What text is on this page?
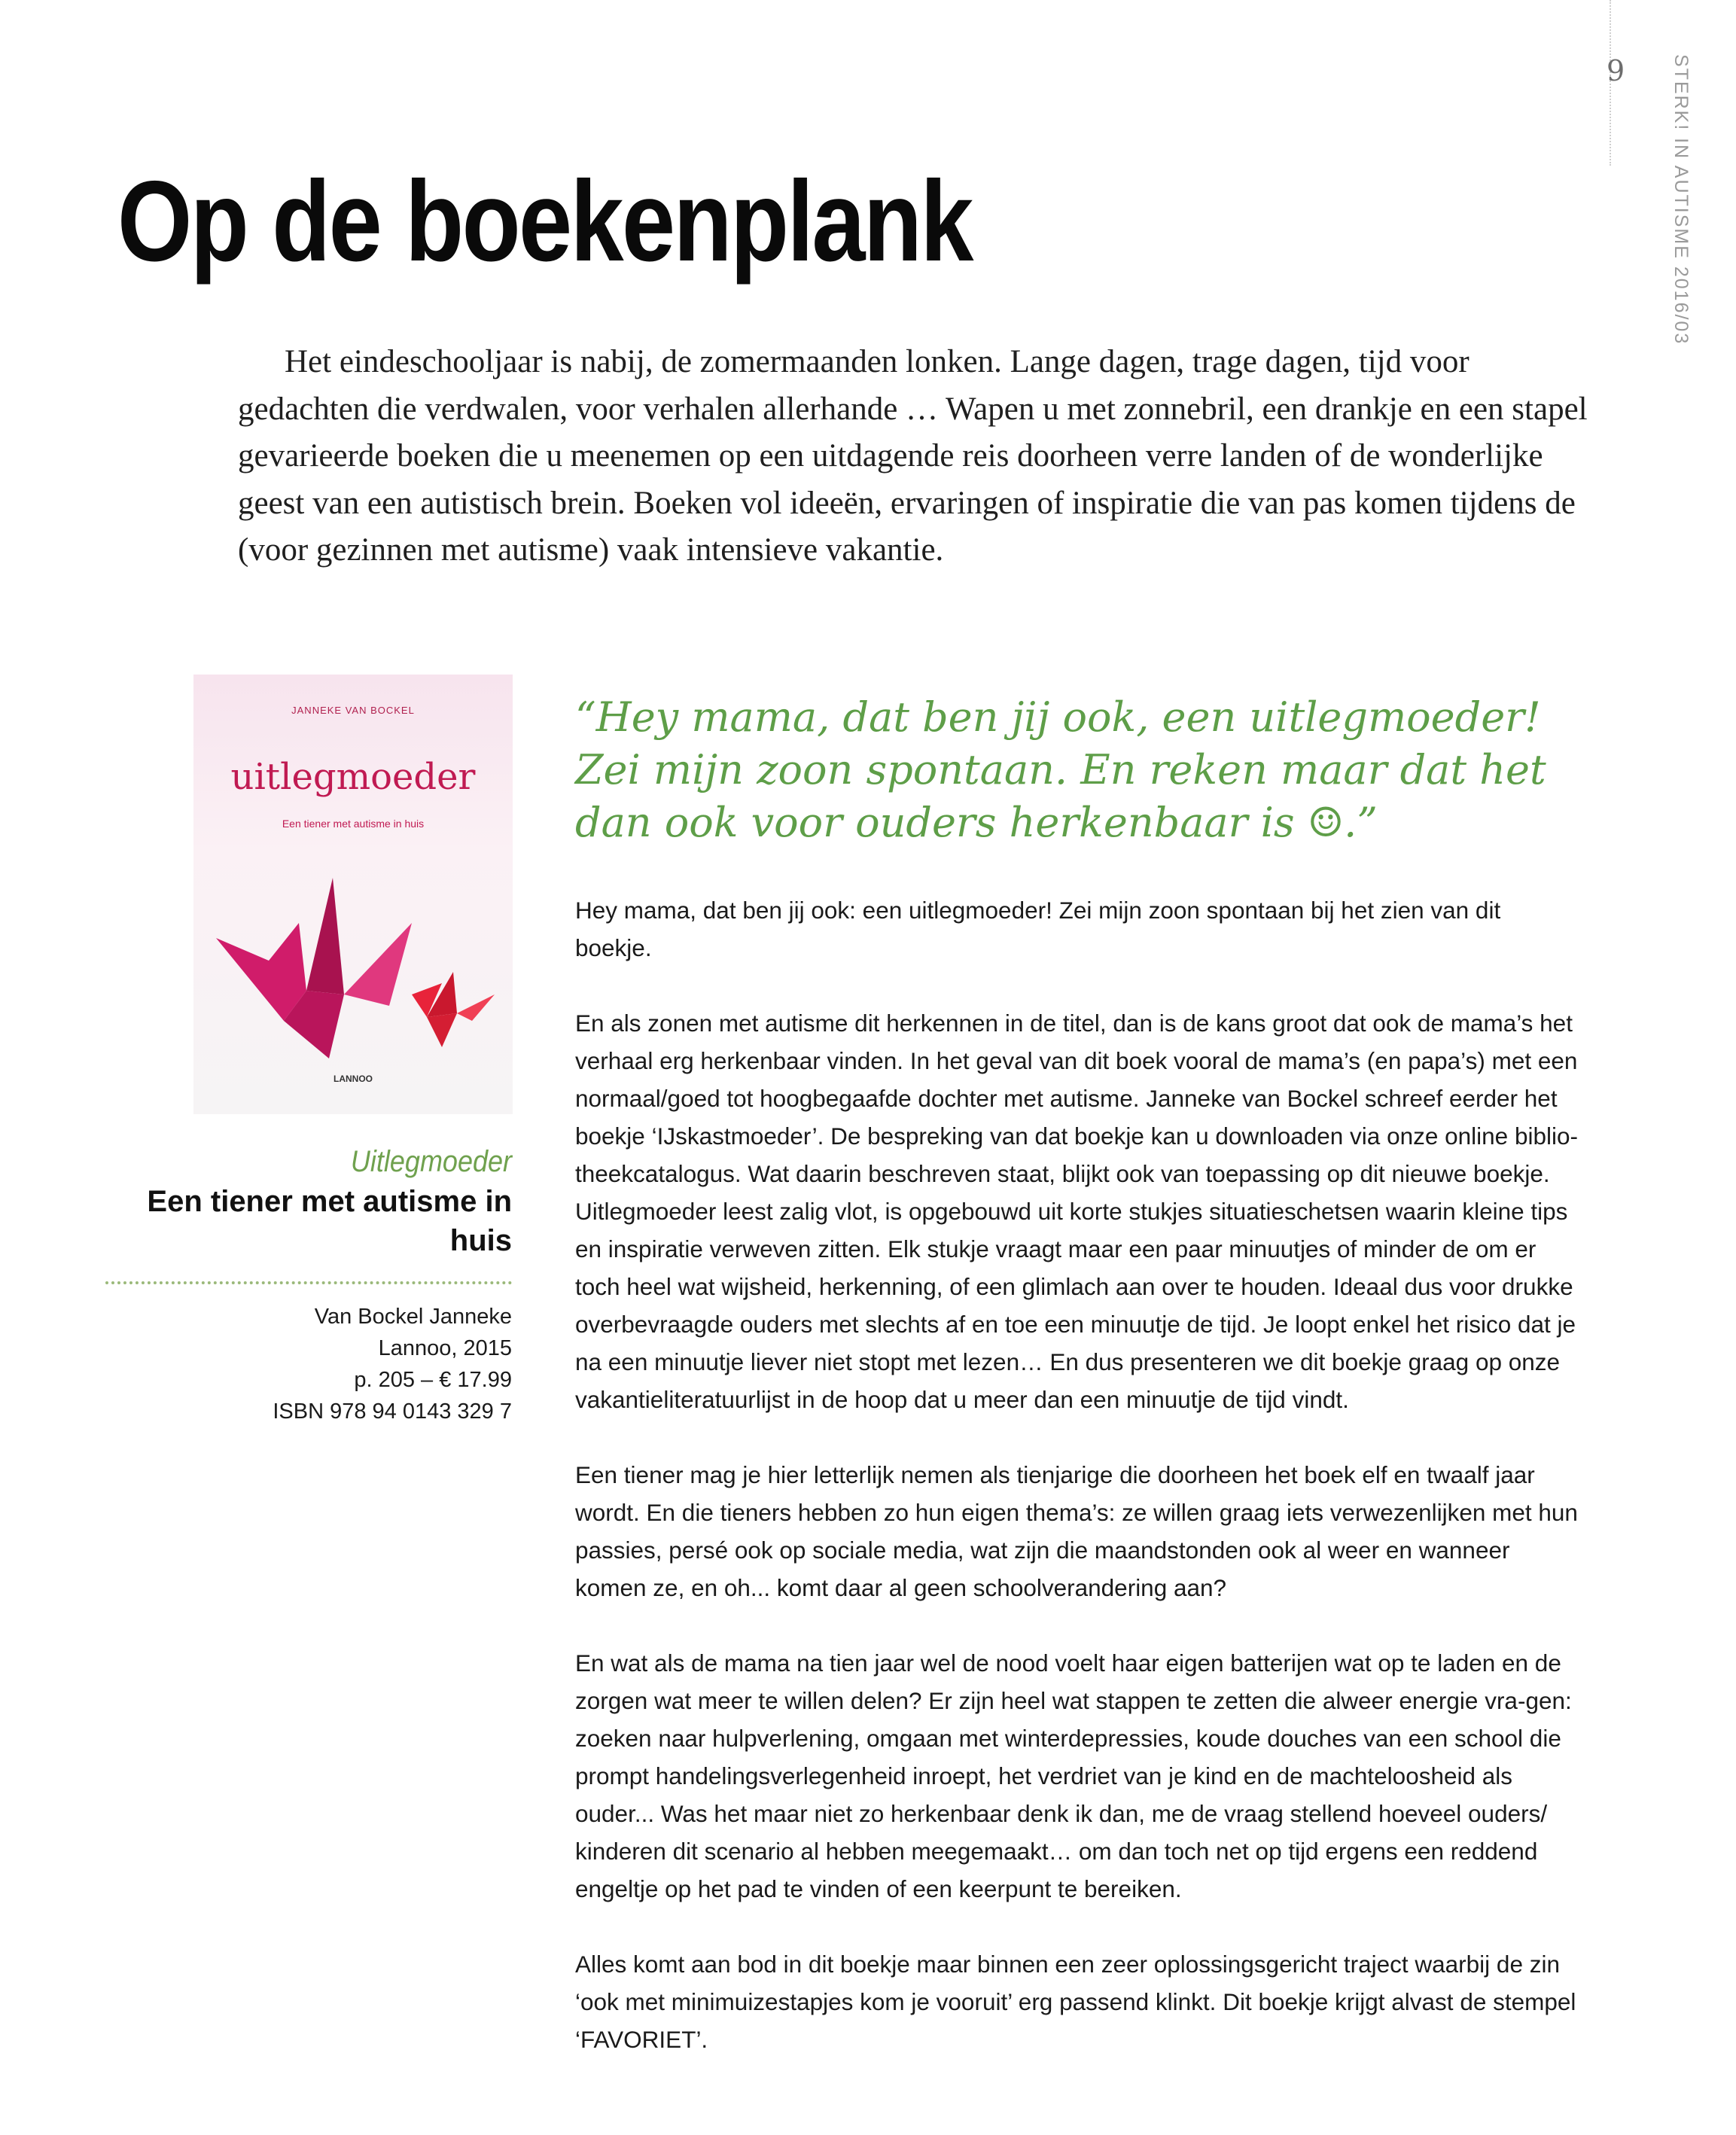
9 STERK! IN AUTISME 2016/03
Op de boekenplank

Het eindeschooljaar is nabij, de zomermaanden lonken. Lange dagen, trage dagen, tijd voor gedachten die verdwalen, voor verhalen allerhande … Wapen u met zonnebril, een drankje en een stapel gevarieerde boeken die u meenemen op een uitdagende reis doorheen verre landen of de wonderlijke geest van een autistisch brein. Boeken vol ideeën, ervaringen of inspiratie die van pas komen tijdens de (voor gezinnen met autisme) vaak intensieve vakantie.

JANNEKE VAN BOCKEL
uitlegmoeder
Een tiener met autisme in huis
LANNOO
Uitlegmoeder
Een tiener met autisme in huis
Van Bockel Janneke
Lannoo, 2015
p. 205 – € 17.99
ISBN 978 94 0143 329 7

“Hey mama, dat ben jij ook, een uitlegmoeder! Zei mijn zoon spontaan. En reken maar dat het dan ook voor ouders herkenbaar is ☺.”

Hey mama, dat ben jij ook: een uitlegmoeder! Zei mijn zoon spontaan bij het zien van dit boekje.

En als zonen met autisme dit herkennen in de titel, dan is de kans groot dat ook de mama’s het verhaal erg herkenbaar vinden. In het geval van dit boek vooral de mama’s (en papa’s) met een normaal/goed tot hoogbegaafde dochter met autisme. Janneke van Bockel schreef eerder het boekje ‘IJskastmoeder’. De bespreking van dat boekje kan u downloaden via onze online biblio-theekcatalogus. Wat daarin beschreven staat, blijkt ook van toepassing op dit nieuwe boekje. Uitlegmoeder leest zalig vlot, is opgebouwd uit korte stukjes situatieschetsen waarin kleine tips en inspiratie verweven zitten. Elk stukje vraagt maar een paar minuutjes of minder de om er toch heel wat wijsheid, herkenning, of een glimlach aan over te houden. Ideaal dus voor drukke overbevraagde ouders met slechts af en toe een minuutje de tijd. Je loopt enkel het risico dat je na een minuutje liever niet stopt met lezen… En dus presenteren we dit boekje graag op onze vakantieliteratuurlijst in de hoop dat u meer dan een minuutje de tijd vindt.

Een tiener mag je hier letterlijk nemen als tienjarige die doorheen het boek elf en twaalf jaar wordt. En die tieners hebben zo hun eigen thema’s: ze willen graag iets verwezenlijken met hun passies, persé ook op sociale media, wat zijn die maandstonden ook al weer en wanneer komen ze, en oh... komt daar al geen schoolverandering aan?

En wat als de mama na tien jaar wel de nood voelt haar eigen batterijen wat op te laden en de zorgen wat meer te willen delen? Er zijn heel wat stappen te zetten die alweer energie vra-gen: zoeken naar hulpverlening, omgaan met winterdepressies, koude douches van een school die prompt handelingsverlegenheid inroept, het verdriet van je kind en de machteloosheid als ouder... Was het maar niet zo herkenbaar denk ik dan, me de vraag stellend hoeveel ouders/ kinderen dit scenario al hebben meegemaakt… om dan toch net op tijd ergens een reddend engeltje op het pad te vinden of een keerpunt te bereiken.

Alles komt aan bod in dit boekje maar binnen een zeer oplossingsgericht traject waarbij de zin ‘ook met minimuizestapjes kom je vooruit’ erg passend klinkt. Dit boekje krijgt alvast de stempel ‘FAVORIET’.
